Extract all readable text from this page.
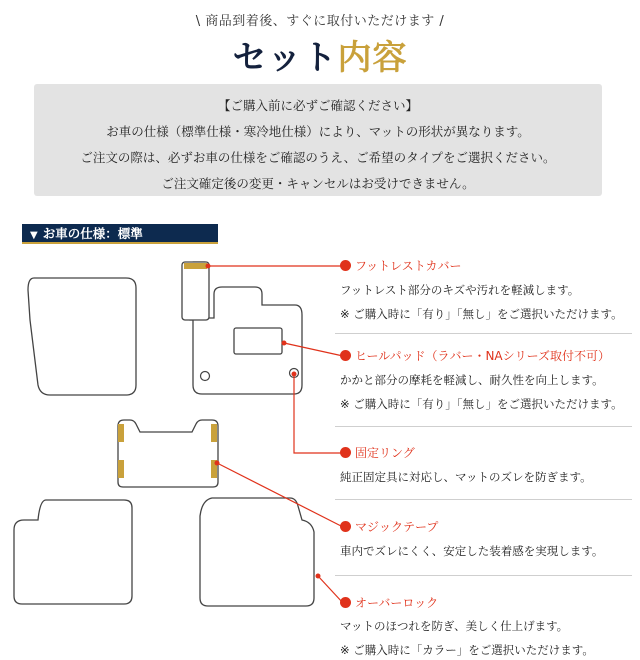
\ 商品到着後、すぐに取付いただけます /
セット内容
【ご購入前に必ずご確認ください】
お車の仕様（標準仕様・寒冷地仕様）により、マットの形状が異なります。
ご注文の際は、必ずお車の仕様をご確認のうえ、ご希望のタイプをご選択ください。
ご注文確定後の変更・キャンセルはお受けできません。
▼ お車の仕様：標準
フットレストカバー
フットレスト部分のキズや汚れを軽減します。
※ ご購入時に「有り」「無し」をご選択いただけます。
ヒールパッド（ラバー・NAシリーズ取付不可）
かかと部分の摩耗を軽減し、耐久性を向上します。
※ ご購入時に「有り」「無し」をご選択いただけます。
固定リング
純正固定具に対応し、マットのズレを防ぎます。
マジックテープ
車内でズレにくく、安定した装着感を実現します。
オーバーロック
マットのほつれを防ぎ、美しく仕上げます。
※ ご購入時に「カラー」をご選択いただけます。
